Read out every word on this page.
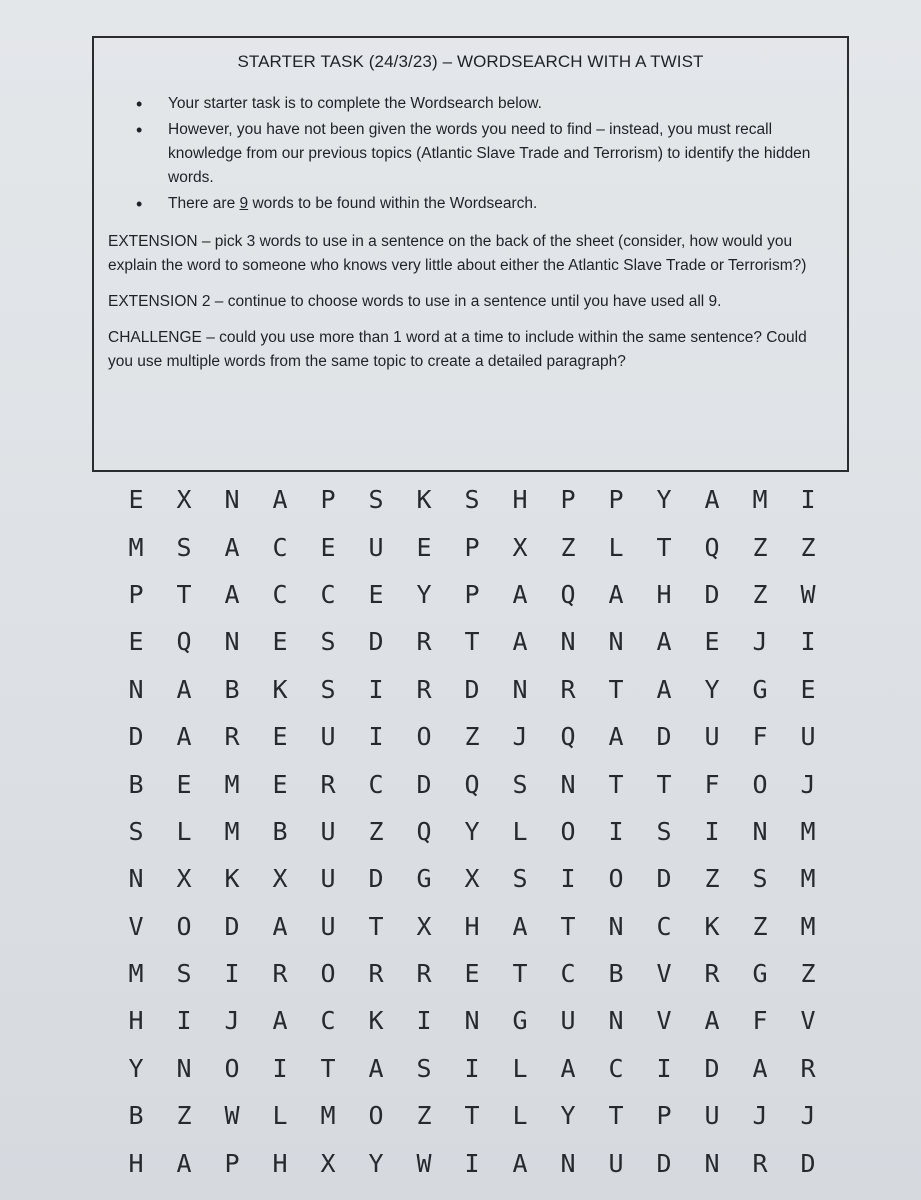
STARTER TASK (24/3/23) – WORDSEARCH WITH A TWIST
• Your starter task is to complete the Wordsearch below.
• However, you have not been given the words you need to find – instead, you must recall knowledge from our previous topics (Atlantic Slave Trade and Terrorism) to identify the hidden words.
• There are 9 words to be found within the Wordsearch.

EXTENSION – pick 3 words to use in a sentence on the back of the sheet (consider, how would you explain the word to someone who knows very little about either the Atlantic Slave Trade or Terrorism?)

EXTENSION 2 – continue to choose words to use in a sentence until you have used all 9.

CHALLENGE – could you use more than 1 word at a time to include within the same sentence? Could you use multiple words from the same topic to create a detailed paragraph?

E	X	N	A	P	S	K	S	H	P	P	Y	A	M	I
M	S	A	C	E	U	E	P	X	Z	L	T	Q	Z	Z
P	T	A	C	C	E	Y	P	A	Q	A	H	D	Z	W
E	Q	N	E	S	D	R	T	A	N	N	A	E	J	I
N	A	B	K	S	I	R	D	N	R	T	A	Y	G	E
D	A	R	E	U	I	O	Z	J	Q	A	D	U	F	U
B	E	M	E	R	C	D	Q	S	N	T	T	F	O	J
S	L	M	B	U	Z	Q	Y	L	O	I	S	I	N	M
N	X	K	X	U	D	G	X	S	I	O	D	Z	S	M
V	O	D	A	U	T	X	H	A	T	N	C	K	Z	M
M	S	I	R	O	R	R	E	T	C	B	V	R	G	Z
H	I	J	A	C	K	I	N	G	U	N	V	A	F	V
Y	N	O	I	T	A	S	I	L	A	C	I	D	A	R
B	Z	W	L	M	O	Z	T	L	Y	T	P	U	J	J
H	A	P	H	X	Y	W	I	A	N	U	D	N	R	D
